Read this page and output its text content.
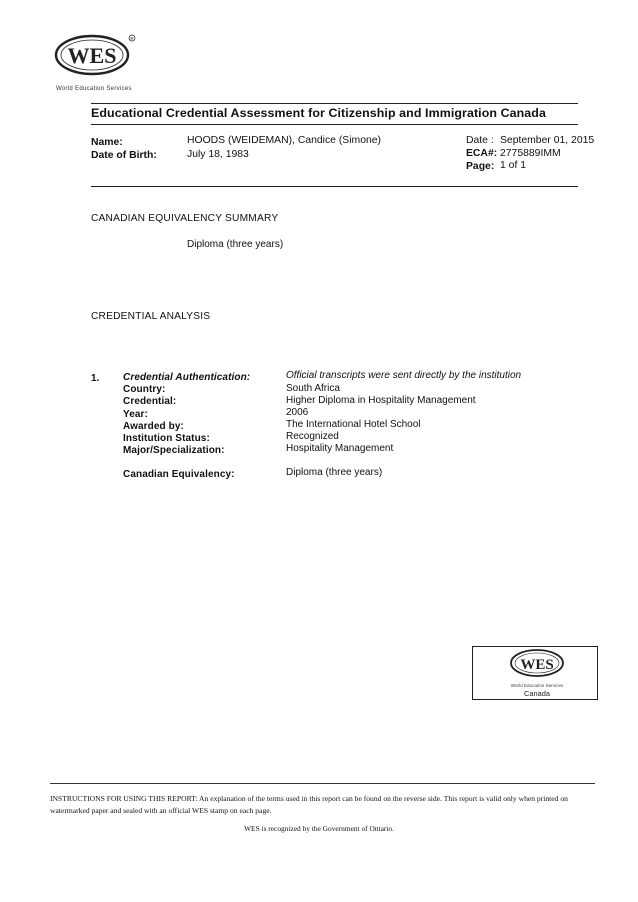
WES
R
World Education Services
Educational Credential Assessment for Citizenship and Immigration Canada
Name:	HOODS (WEIDEMAN), Candice (Simone)
Date of Birth:	July 18, 1983
Date : September 01, 2015
ECA#: 2775889IMM
Page: 1 of 1
CANADIAN EQUIVALENCY SUMMARY
Diploma (three years)
CREDENTIAL ANALYSIS
1. Credential Authentication:	Official transcripts were sent directly by the institution
Country:	South Africa
Credential:	Higher Diploma in Hospitality Management
Year:	2006
Awarded by:	The International Hotel School
Institution Status:	Recognized
Major/Specialization:	Hospitality Management
Canadian Equivalency:	Diploma (three years)
WES
World Education Services
Canada
INSTRUCTIONS FOR USING THIS REPORT: An explanation of the terms used in this report can be found on the reverse side. This report is valid only when printed on watermarked paper and sealed with an official WES stamp on each page.
WES is recognized by the Government of Ontario.
